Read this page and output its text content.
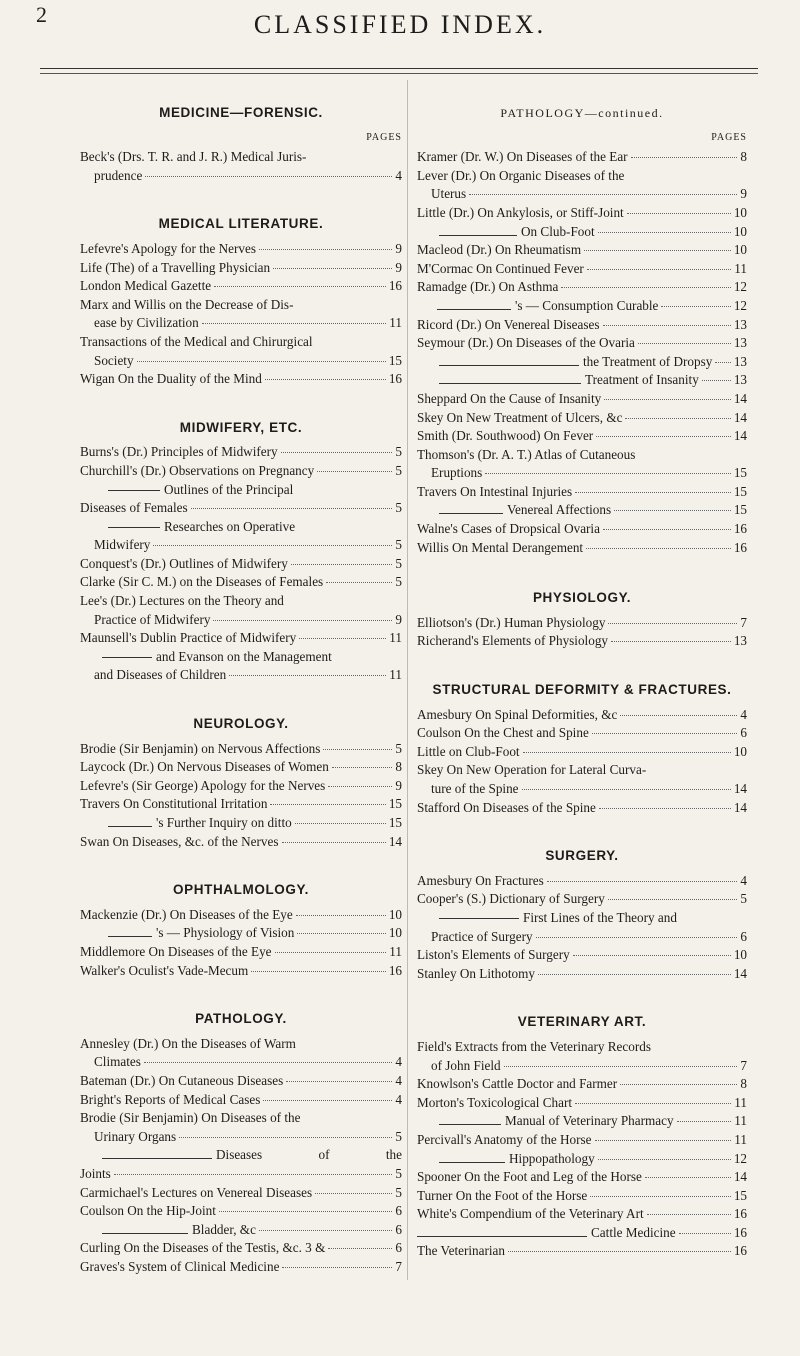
2	CLASSIFIED INDEX.
MEDICINE—FORENSIC.
PAGES
Beck's (Drs. T. R. and J. R.) Medical Juris-
prudence	4
MEDICAL LITERATURE.
Lefevre's Apology for the Nerves	9
Life (The) of a Travelling Physician	9
London Medical Gazette	16
Marx and Willis on the Decrease of Dis-
ease by Civilization	11
Transactions of the Medical and Chirurgical
Society	15
Wigan On the Duality of the Mind	16
MIDWIFERY, ETC.
Burns's (Dr.) Principles of Midwifery	5
Churchill's (Dr.) Observations on Pregnancy	5
Outlines of the Principal
Diseases of Females	5
Researches on Operative
Midwifery	5
Conquest's (Dr.) Outlines of Midwifery	5
Clarke (Sir C. M.) on the Diseases of Females	5
Lee's (Dr.) Lectures on the Theory and
Practice of Midwifery	9
Maunsell's Dublin Practice of Midwifery	11
and Evanson on the Management
and Diseases of Children	11
NEUROLOGY.
Brodie (Sir Benjamin) on Nervous Affections	5
Laycock (Dr.) On Nervous Diseases of Women	8
Lefevre's (Sir George) Apology for the Nerves	9
Travers On Constitutional Irritation	15
's Further Inquiry on ditto	15
Swan On Diseases, &c. of the Nerves	14
OPHTHALMOLOGY.
Mackenzie (Dr.) On Diseases of the Eye	10
's — Physiology of Vision	10
Middlemore On Diseases of the Eye	11
Walker's Oculist's Vade-Mecum	16
PATHOLOGY.
Annesley (Dr.) On the Diseases of Warm
Climates	4
Bateman (Dr.) On Cutaneous Diseases	4
Bright's Reports of Medical Cases	4
Brodie (Sir Benjamin) On Diseases of the
Urinary Organs	5
Diseases of the
Joints	5
Carmichael's Lectures on Venereal Diseases	5
Coulson On the Hip-Joint	6
Bladder, &c	6
Curling On the Diseases of the Testis, &c. 3 &	6
Graves's System of Clinical Medicine	7
PATHOLOGY—continued.
PAGES
Kramer (Dr. W.) On Diseases of the Ear	8
Lever (Dr.) On Organic Diseases of the
Uterus	9
Little (Dr.) On Ankylosis, or Stiff-Joint	10
On Club-Foot	10
Macleod (Dr.) On Rheumatism	10
M'Cormac On Continued Fever	11
Ramadge (Dr.) On Asthma	12
's — Consumption Curable	12
Ricord (Dr.) On Venereal Diseases	13
Seymour (Dr.) On Diseases of the Ovaria	13
the Treatment of Dropsy 13
Treatment of Insanity	13
Sheppard On the Cause of Insanity	14
Skey On New Treatment of Ulcers, &c	14
Smith (Dr. Southwood) On Fever	14
Thomson's (Dr. A. T.) Atlas of Cutaneous
Eruptions	15
Travers On Intestinal Injuries	15
Venereal Affections	15
Walne's Cases of Dropsical Ovaria	16
Willis On Mental Derangement	16
PHYSIOLOGY.
Elliotson's (Dr.) Human Physiology	7
Richerand's Elements of Physiology	13
STRUCTURAL DEFORMITY & FRACTURES.
Amesbury On Spinal Deformities, &c	4
Coulson On the Chest and Spine	6
Little on Club-Foot	10
Skey On New Operation for Lateral Curva-
ture of the Spine	14
Stafford On Diseases of the Spine	14
SURGERY.
Amesbury On Fractures	4
Cooper's (S.) Dictionary of Surgery	5
First Lines of the Theory and
Practice of Surgery	6
Liston's Elements of Surgery	10
Stanley On Lithotomy	14
VETERINARY ART.
Field's Extracts from the Veterinary Records
of John Field	7
Knowlson's Cattle Doctor and Farmer	8
Morton's Toxicological Chart	11
Manual of Veterinary Pharmacy	11
Percivall's Anatomy of the Horse	11
Hippopathology	12
Spooner On the Foot and Leg of the Horse	14
Turner On the Foot of the Horse	15
White's Compendium of the Veterinary Art	16
Cattle Medicine	16
The Veterinarian	16
